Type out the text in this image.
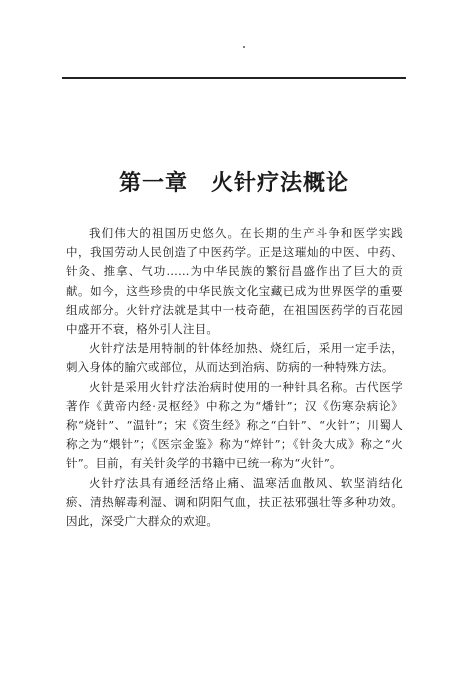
第一章　火针疗法概论

我们伟大的祖国历史悠久。在长期的生产斗争和医学实践中，我国劳动人民创造了中医药学。正是这璀灿的中医、中药、针灸、推拿、气功……为中华民族的繁衍昌盛作出了巨大的贡献。如今，这些珍贵的中华民族文化宝藏已成为世界医学的重要组成部分。火针疗法就是其中一枝奇葩，在祖国医药学的百花园中盛开不衰，格外引人注目。

火针疗法是用特制的针体经加热、烧红后，采用一定手法，刺入身体的腧穴或部位，从而达到治病、防病的一种特殊方法。

火针是采用火针疗法治病时使用的一种针具名称。古代医学著作《黄帝内经·灵枢经》中称之为“燔针”；汉《伤寒杂病论》称“烧针”、“温针”；宋《资生经》称之“白针”、“火针”；川蜀人称之为“煨针”；《医宗金鉴》称为“焠针”；《针灸大成》称之“火针”。目前，有关针灸学的书籍中已统一称为“火针”。

火针疗法具有通经活络止痛、温寒活血散风、软坚消结化瘀、清热解毒利湿、调和阴阳气血，扶正祛邪强壮等多种功效。因此，深受广大群众的欢迎。
